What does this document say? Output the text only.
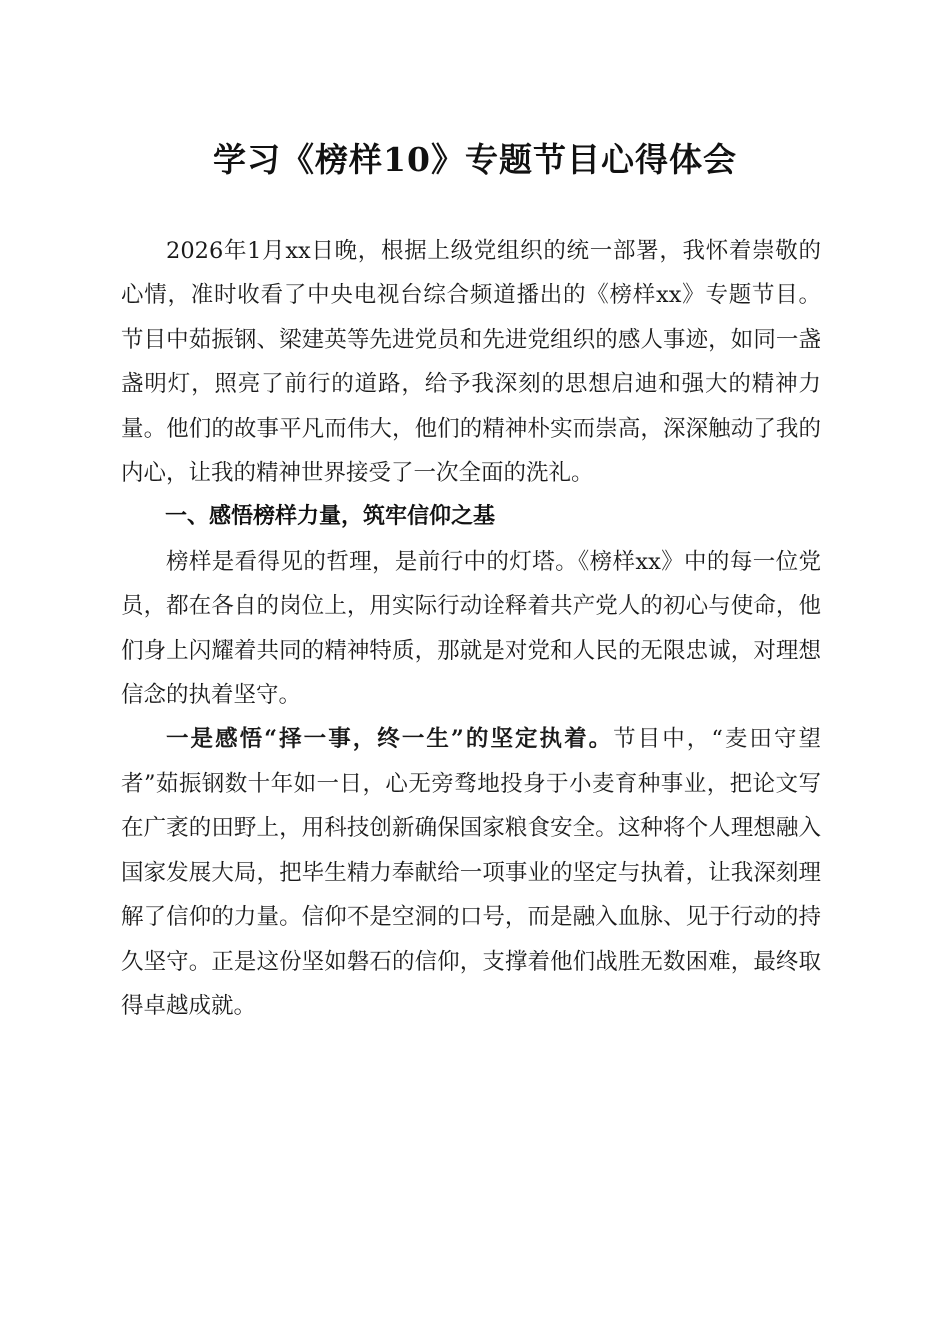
学习《榜样10》专题节目心得体会

2026年1月xx日晚，根据上级党组织的统一部署，我怀着崇敬的心情，准时收看了中央电视台综合频道播出的《榜样xx》专题节目。节目中茹振钢、梁建英等先进党员和先进党组织的感人事迹，如同一盏盏明灯，照亮了前行的道路，给予我深刻的思想启迪和强大的精神力量。他们的故事平凡而伟大，他们的精神朴实而崇高，深深触动了我的内心，让我的精神世界接受了一次全面的洗礼。

一、感悟榜样力量，筑牢信仰之基

榜样是看得见的哲理，是前行中的灯塔。《榜样xx》中的每一位党员，都在各自的岗位上，用实际行动诠释着共产党人的初心与使命，他们身上闪耀着共同的精神特质，那就是对党和人民的无限忠诚，对理想信念的执着坚守。

一是感悟“择一事，终一生”的坚定执着。节目中，“麦田守望者”茹振钢数十年如一日，心无旁骛地投身于小麦育种事业，把论文写在广袤的田野上，用科技创新确保国家粮食安全。这种将个人理想融入国家发展大局，把毕生精力奉献给一项事业的坚定与执着，让我深刻理解了信仰的力量。信仰不是空洞的口号，而是融入血脉、见于行动的持久坚守。正是这份坚如磐石的信仰，支撑着他们战胜无数困难，最终取得卓越成就。
